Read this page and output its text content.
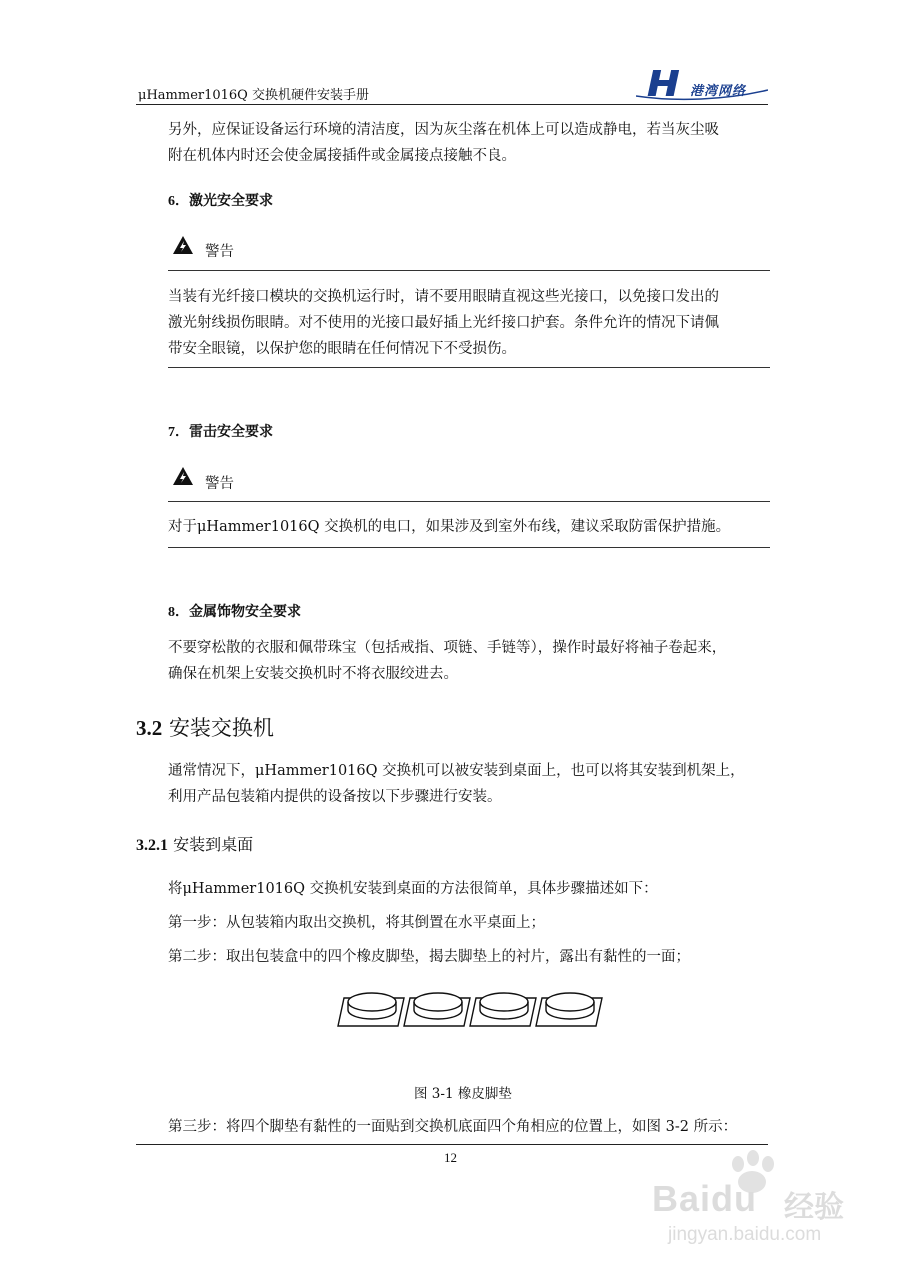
μHammer1016Q 交换机硬件安装手册	港湾网络
另外，应保证设备运行环境的清洁度，因为灰尘落在机体上可以造成静电，若当灰尘吸
附在机体内时还会使金属接插件或金属接点接触不良。
6．激光安全要求
警告
当装有光纤接口模块的交换机运行时，请不要用眼睛直视这些光接口，以免接口发出的
激光射线损伤眼睛。对不使用的光接口最好插上光纤接口护套。条件允许的情况下请佩
带安全眼镜，以保护您的眼睛在任何情况下不受损伤。
7．雷击安全要求
警告
对于μHammer1016Q 交换机的电口，如果涉及到室外布线，建议采取防雷保护措施。
8．金属饰物安全要求
不要穿松散的衣服和佩带珠宝（包括戒指、项链、手链等），操作时最好将袖子卷起来，
确保在机架上安装交换机时不将衣服绞进去。
3.2 安装交换机
通常情况下，μHammer1016Q 交换机可以被安装到桌面上，也可以将其安装到机架上，
利用产品包装箱内提供的设备按以下步骤进行安装。
3.2.1 安装到桌面
将μHammer1016Q 交换机安装到桌面的方法很简单，具体步骤描述如下：
第一步：从包装箱内取出交换机，将其倒置在水平桌面上；
第二步：取出包装盒中的四个橡皮脚垫，揭去脚垫上的衬片，露出有黏性的一面；
图 3-1 橡皮脚垫
第三步：将四个脚垫有黏性的一面贴到交换机底面四个角相应的位置上，如图 3-2 所示：
12
Baidu 经验
jingyan.baidu.com
